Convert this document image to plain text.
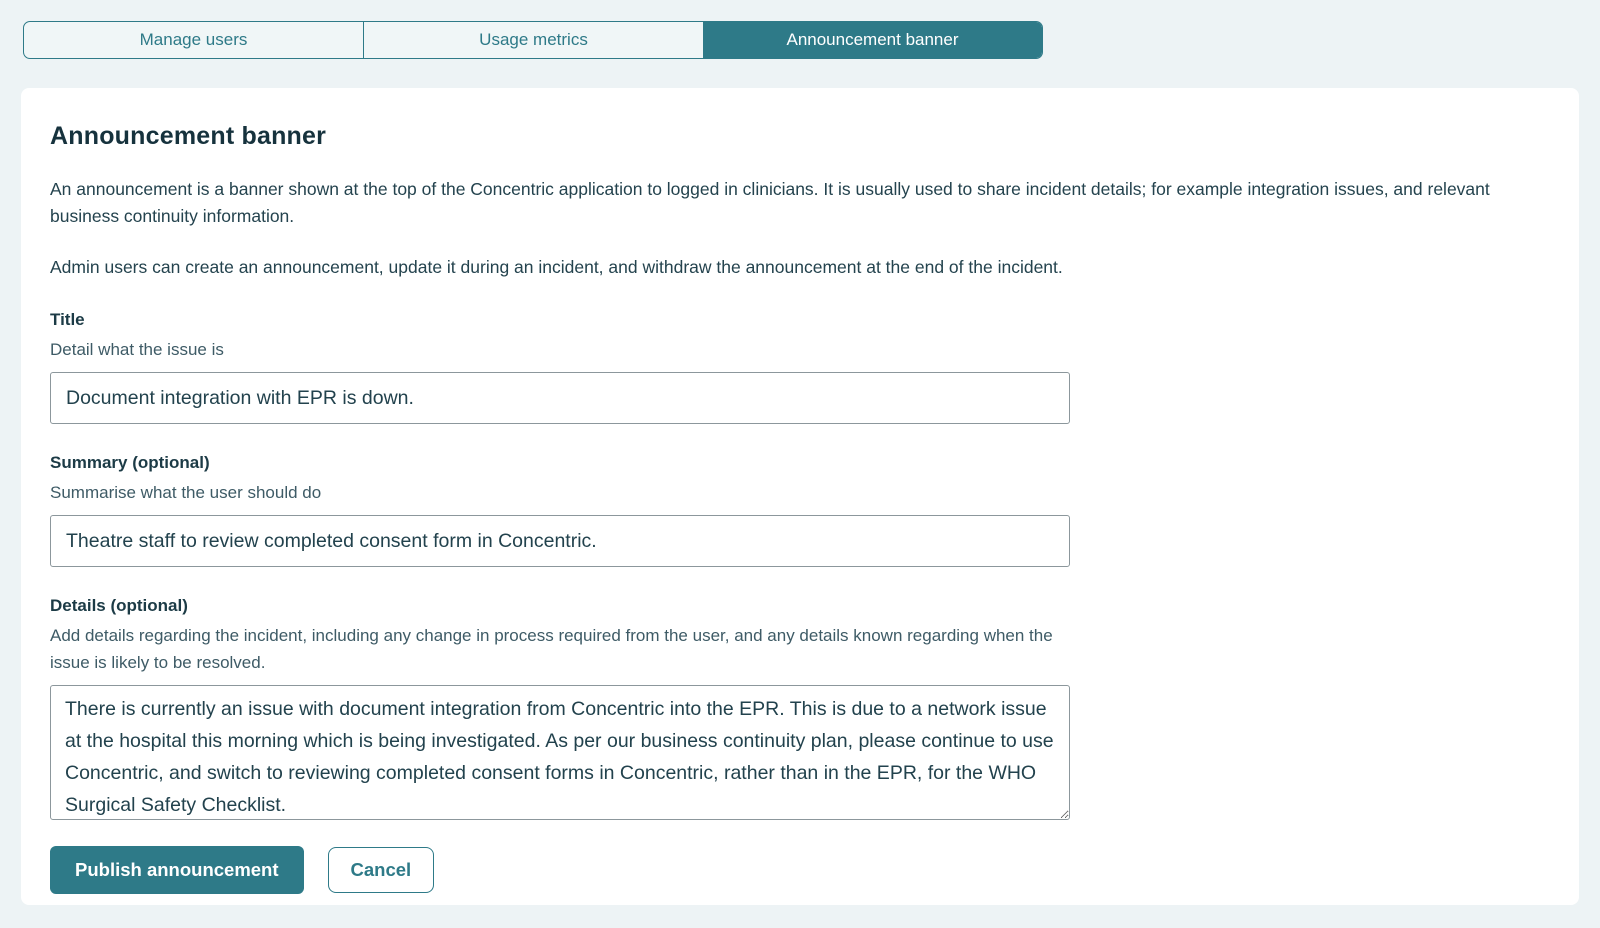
Manage users	Usage metrics	Announcement banner
Announcement banner

An announcement is a banner shown at the top of the Concentric application to logged in clinicians. It is usually used to share incident details; for example integration issues, and relevant business continuity information.

Admin users can create an announcement, update it during an incident, and withdraw the announcement at the end of the incident.

Title
Detail what the issue is
Document integration with EPR is down.
Summary (optional)
Summarise what the user should do
Theatre staff to review completed consent form in Concentric.
Details (optional)
Add details regarding the incident, including any change in process required from the user, and any details known regarding when the issue is likely to be resolved.
There is currently an issue with document integration from Concentric into the EPR. This is due to a network issue at the hospital this morning which is being investigated. As per our business continuity plan, please continue to use Concentric, and switch to reviewing completed consent forms in Concentric, rather than in the EPR, for the WHO Surgical Safety Checklist.
Publish announcement	Cancel
